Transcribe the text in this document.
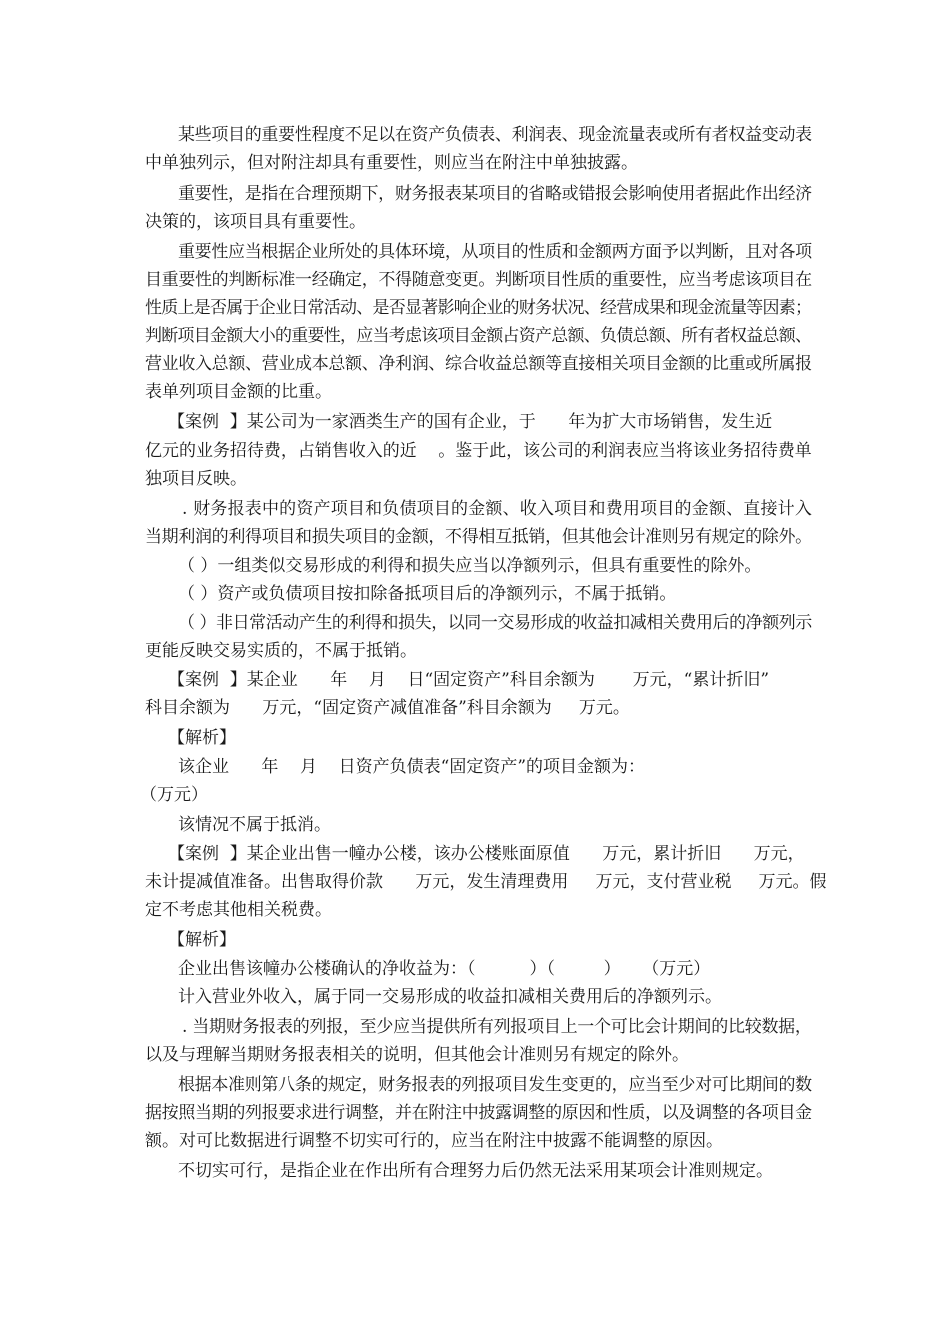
某些项目的重要性程度不足以在资产负债表、利润表、现金流量表或所有者权益变动表
中单独列示，但对附注却具有重要性，则应当在附注中单独披露。
重要性，是指在合理预期下，财务报表某项目的省略或错报会影响使用者据此作出经济
决策的，该项目具有重要性。
重要性应当根据企业所处的具体环境，从项目的性质和金额两方面予以判断，且对各项
目重要性的判断标准一经确定，不得随意变更。判断项目性质的重要性，应当考虑该项目在
性质上是否属于企业日常活动、是否显著影响企业的财务状况、经营成果和现金流量等因素；
判断项目金额大小的重要性，应当考虑该项目金额占资产总额、负债总额、所有者权益总额、
营业收入总额、营业成本总额、净利润、综合收益总额等直接相关项目金额的比重或所属报
表单列项目金额的比重。
【案例  】某公司为一家酒类生产的国有企业，于      年为扩大市场销售，发生近
亿元的业务招待费，占销售收入的近    。鉴于此，该公司的利润表应当将该业务招待费单
独项目反映。
. 财务报表中的资产项目和负债项目的金额、收入项目和费用项目的金额、直接计入
当期利润的利得项目和损失项目的金额，不得相互抵销，但其他会计准则另有规定的除外。
（ ）一组类似交易形成的利得和损失应当以净额列示，但具有重要性的除外。
（ ）资产或负债项目按扣除备抵项目后的净额列示，不属于抵销。
（ ）非日常活动产生的利得和损失，以同一交易形成的收益扣减相关费用后的净额列示
更能反映交易实质的，不属于抵销。
【案例  】某企业      年    月    日“固定资产”科目余额为       万元，“累计折旧”
科目余额为      万元，“固定资产减值准备”科目余额为     万元。
【解析】
该企业      年    月    日资产负债表“固定资产”的项目金额为：
（万元）
该情况不属于抵消。
【案例  】某企业出售一幢办公楼，该办公楼账面原值      万元，累计折旧      万元，
未计提减值准备。出售取得价款      万元，发生清理费用     万元，支付营业税     万元。假
定不考虑其他相关税费。
【解析】
企业出售该幢办公楼确认的净收益为：（          ）（         ）    （万元）
计入营业外收入，属于同一交易形成的收益扣减相关费用后的净额列示。
. 当期财务报表的列报，至少应当提供所有列报项目上一个可比会计期间的比较数据，
以及与理解当期财务报表相关的说明，但其他会计准则另有规定的除外。
根据本准则第八条的规定，财务报表的列报项目发生变更的，应当至少对可比期间的数
据按照当期的列报要求进行调整，并在附注中披露调整的原因和性质，以及调整的各项目金
额。对可比数据进行调整不切实可行的，应当在附注中披露不能调整的原因。
不切实可行，是指企业在作出所有合理努力后仍然无法采用某项会计准则规定。
